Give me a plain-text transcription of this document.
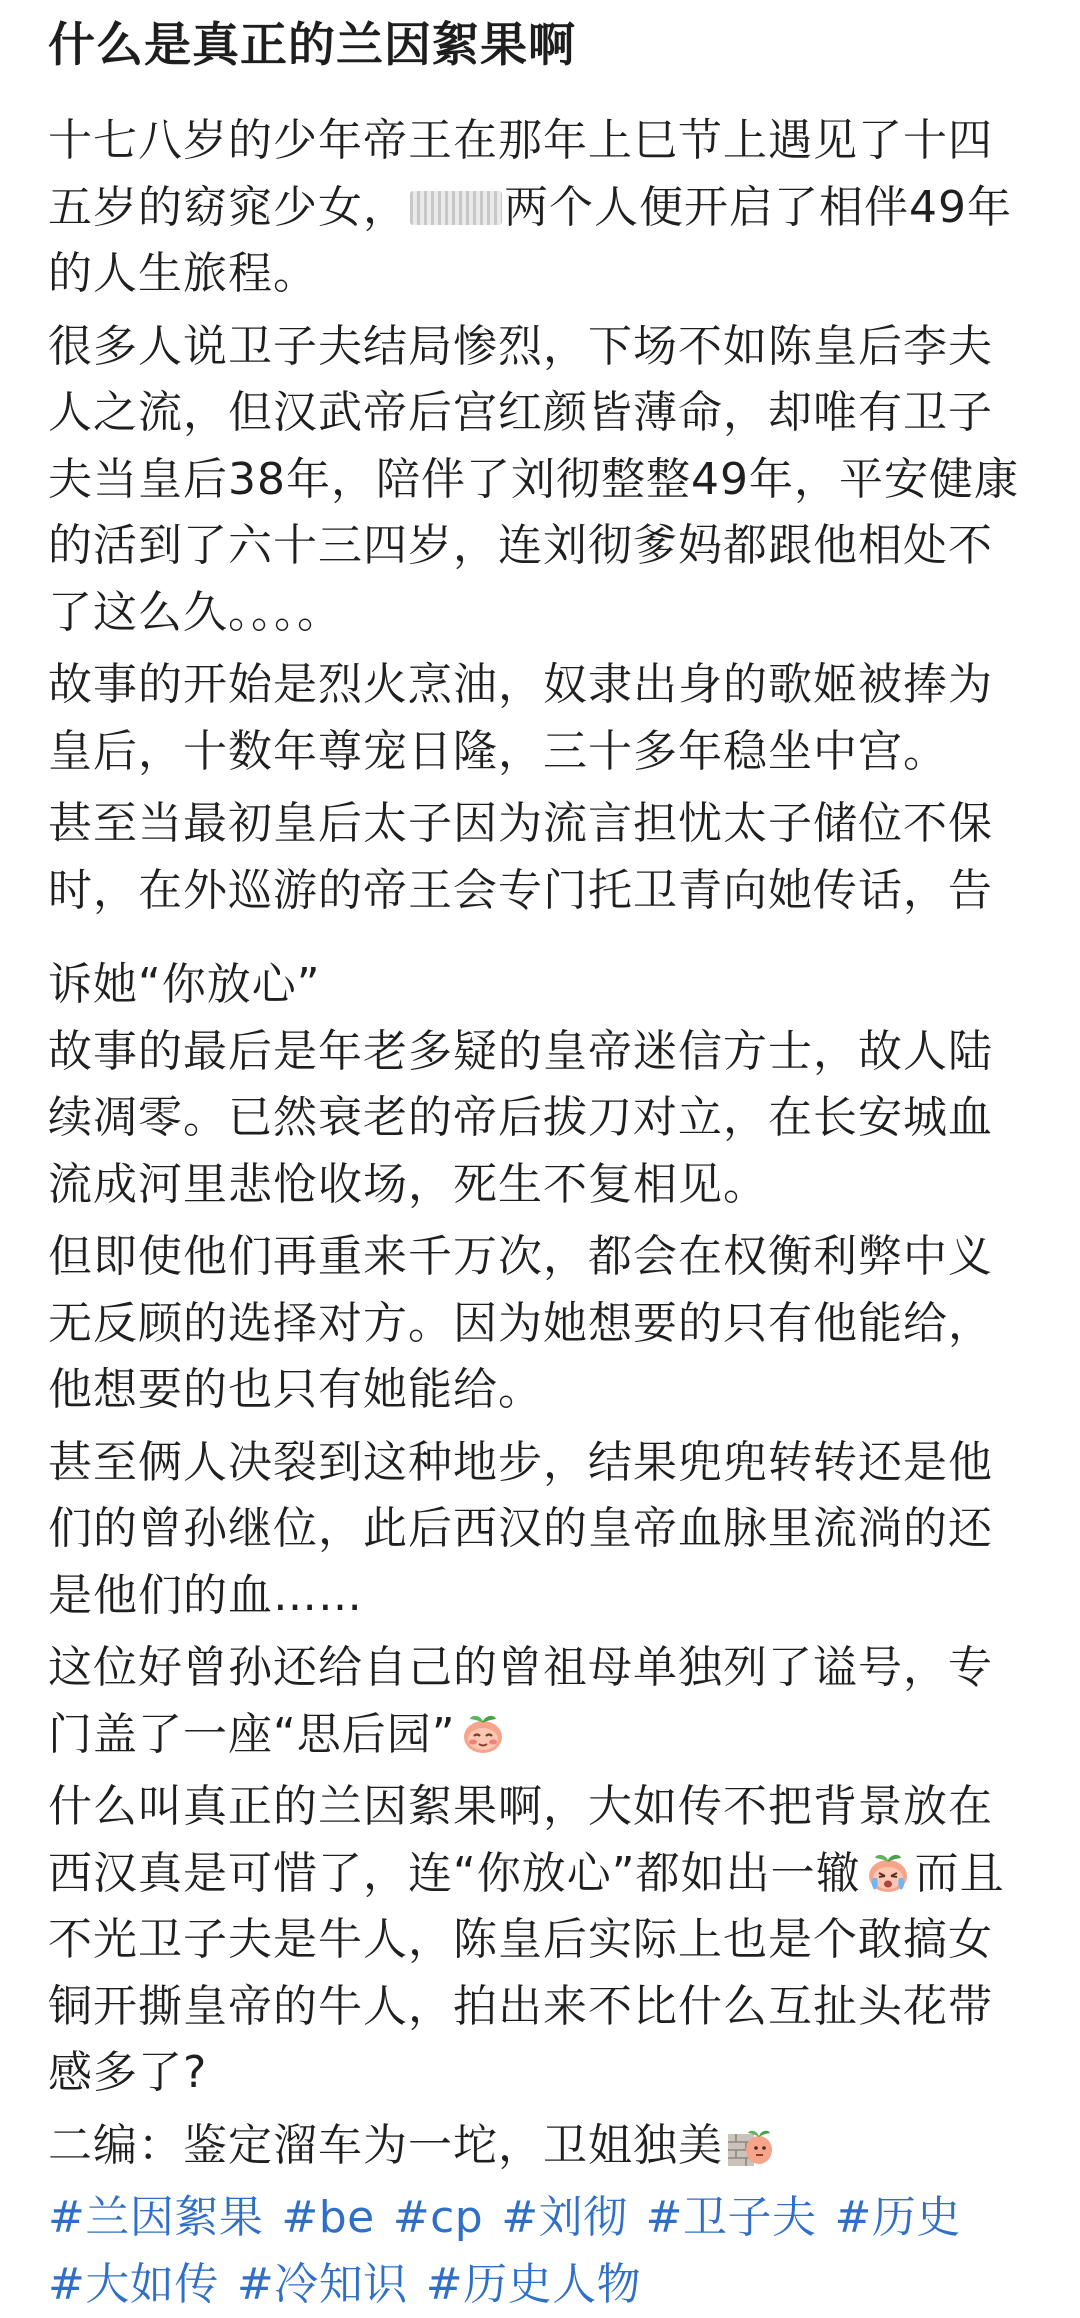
什么是真正的兰因絮果啊

十七八岁的少年帝王在那年上巳节上遇见了十四五岁的窈窕少女， 两个人便开启了相伴49年的人生旅程。

很多人说卫子夫结局惨烈，下场不如陈皇后李夫人之流，但汉武帝后宫红颜皆薄命，却唯有卫子夫当皇后38年，陪伴了刘彻整整49年，平安健康的活到了六十三四岁，连刘彻爹妈都跟他相处不了这么久。。。。

故事的开始是烈火烹油，奴隶出身的歌姬被捧为皇后，十数年尊宠日隆，三十多年稳坐中宫。

甚至当最初皇后太子因为流言担忧太子储位不保时，在外巡游的帝王会专门托卫青向她传话，告

诉她“你放心”

故事的最后是年老多疑的皇帝迷信方士，故人陆续凋零。已然衰老的帝后拔刀对立，在长安城血流成河里悲怆收场，死生不复相见。

但即使他们再重来千万次，都会在权衡利弊中义无反顾的选择对方。因为她想要的只有他能给，他想要的也只有她能给。

甚至俩人决裂到这种地步，结果兜兜转转还是他们的曾孙继位，此后西汉的皇帝血脉里流淌的还是他们的血……

这位好曾孙还给自己的曾祖母单独列了谥号，专门盖了一座“思后园”

什么叫真正的兰因絮果啊，大如传不把背景放在西汉真是可惜了，连“你放心”都如出一辙 而且不光卫子夫是牛人，陈皇后实际上也是个敢搞女铜开撕皇帝的牛人，拍出来不比什么互扯头花带感多了?

二编：鉴定溜车为一坨，卫姐独美

#兰因絮果 #be #cp #刘彻 #卫子夫 #历史#大如传 #冷知识 #历史人物
